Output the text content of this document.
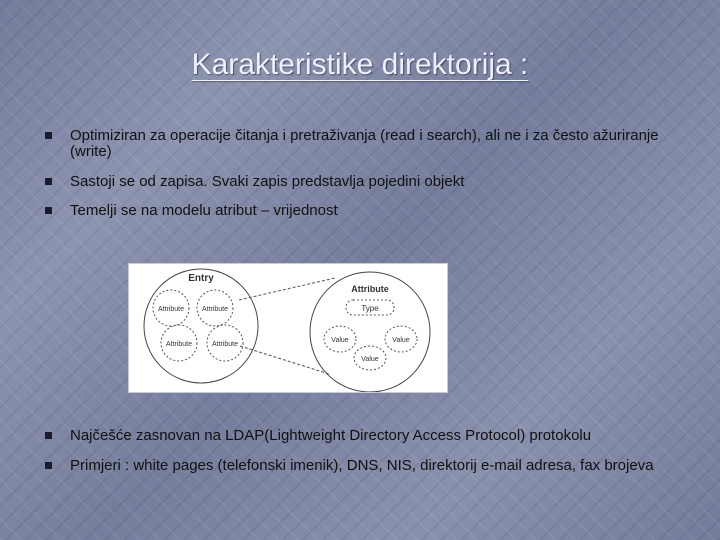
Karakteristike direktorija :
Optimiziran za operacije čitanja i pretraživanja (read i search), ali ne i za često ažuriranje (write)
Sastoji se od zapisa. Svaki zapis predstavlja pojedini objekt
Temelji se na modelu atribut – vrijednost
Entry
Attribute	Attribute
Attribute	Attribute
Attribute
Type
Value	Value
Value
Najčešće zasnovan na LDAP(Lightweight Directory Access Protocol) protokolu
Primjeri : white pages (telefonski imenik), DNS, NIS, direktorij e-mail adresa, fax brojeva
